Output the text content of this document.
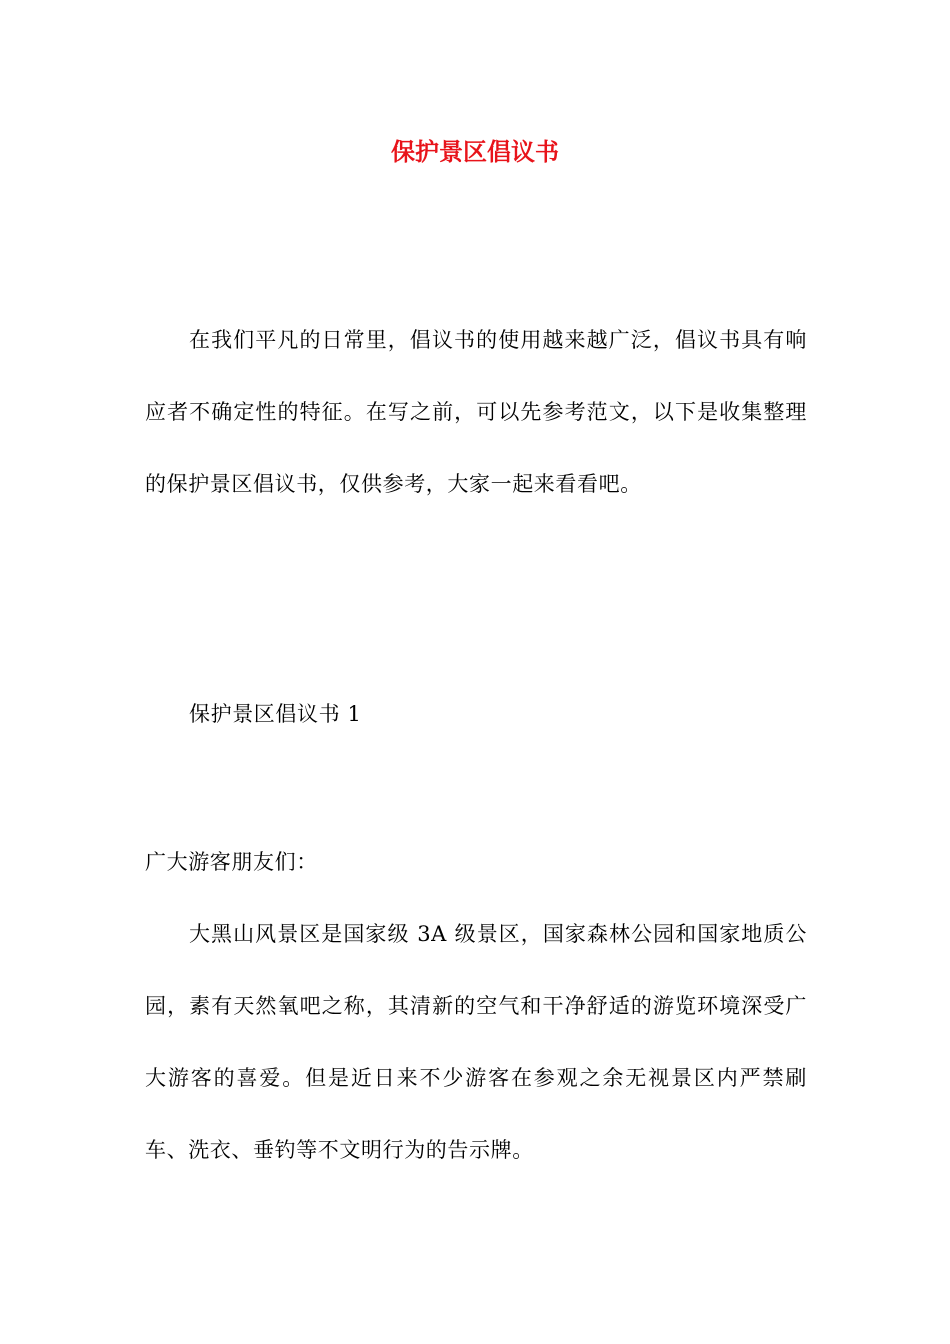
保护景区倡议书

在我们平凡的日常里，倡议书的使用越来越广泛，倡议书具有响应者不确定性的特征。在写之前，可以先参考范文，以下是收集整理的保护景区倡议书，仅供参考，大家一起来看看吧。

保护景区倡议书 1

广大游客朋友们：

大黑山风景区是国家级 3A 级景区，国家森林公园和国家地质公园，素有天然氧吧之称，其清新的空气和干净舒适的游览环境深受广大游客的喜爱。但是近日来不少游客在参观之余无视景区内严禁刷车、洗衣、垂钓等不文明行为的告示牌。
